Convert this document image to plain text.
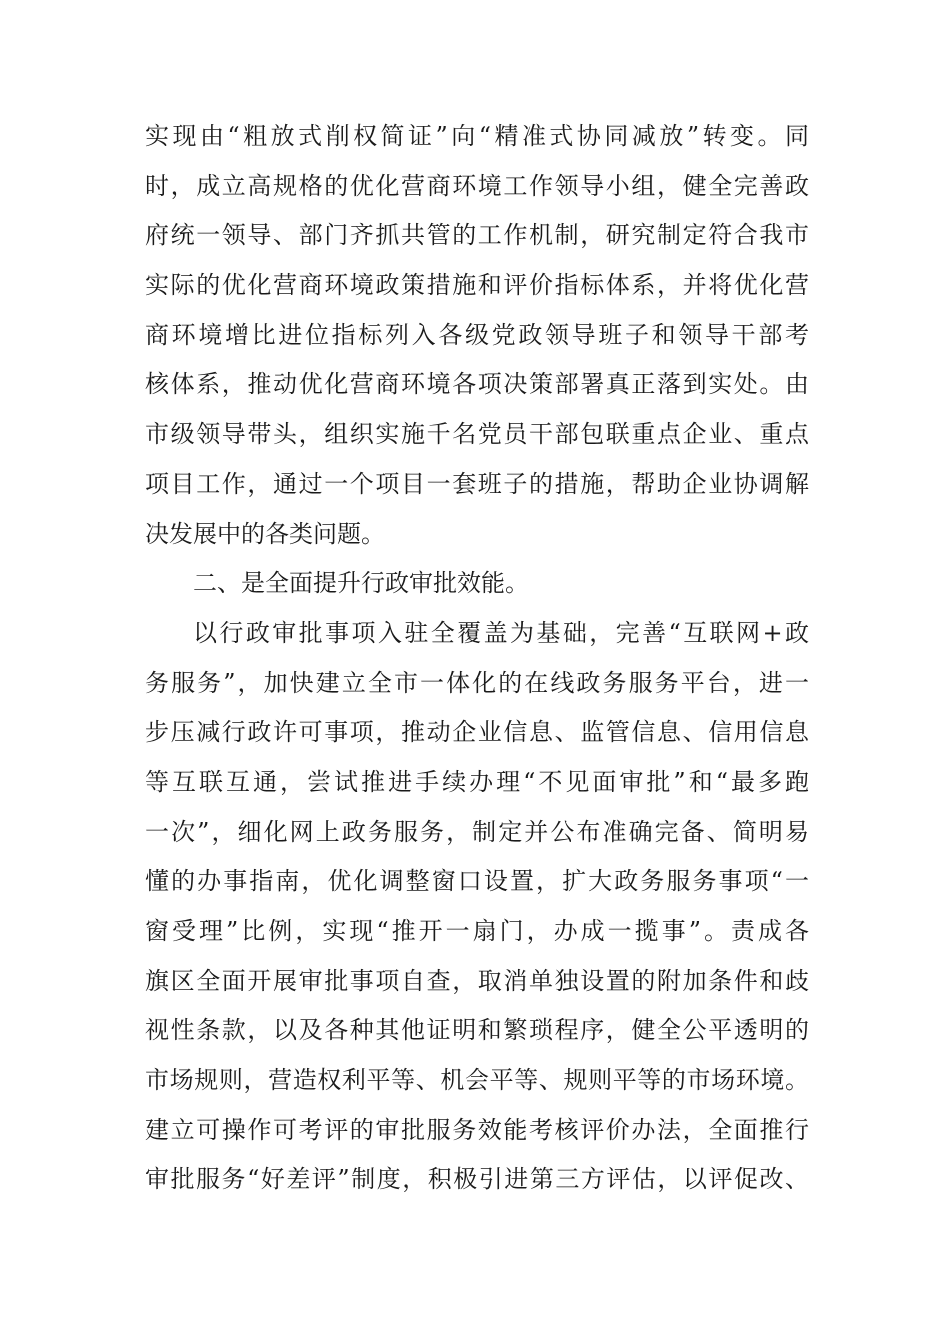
实现由“粗放式削权简证”向“精准式协同减放”转变。同
时，成立高规格的优化营商环境工作领导小组，健全完善政
府统一领导、部门齐抓共管的工作机制，研究制定符合我市
实际的优化营商环境政策措施和评价指标体系，并将优化营
商环境增比进位指标列入各级党政领导班子和领导干部考
核体系，推动优化营商环境各项决策部署真正落到实处。由
市级领导带头，组织实施千名党员干部包联重点企业、重点
项目工作，通过一个项目一套班子的措施，帮助企业协调解
决发展中的各类问题。
二、是全面提升行政审批效能。
以行政审批事项入驻全覆盖为基础，完善“互联网+政
务服务”，加快建立全市一体化的在线政务服务平台，进一
步压减行政许可事项，推动企业信息、监管信息、信用信息
等互联互通，尝试推进手续办理“不见面审批”和“最多跑
一次”，细化网上政务服务，制定并公布准确完备、简明易
懂的办事指南，优化调整窗口设置，扩大政务服务事项“一
窗受理”比例，实现“推开一扇门，办成一揽事”。责成各
旗区全面开展审批事项自查，取消单独设置的附加条件和歧
视性条款，以及各种其他证明和繁琐程序，健全公平透明的
市场规则，营造权利平等、机会平等、规则平等的市场环境。
建立可操作可考评的审批服务效能考核评价办法，全面推行
审批服务“好差评”制度，积极引进第三方评估，以评促改、
